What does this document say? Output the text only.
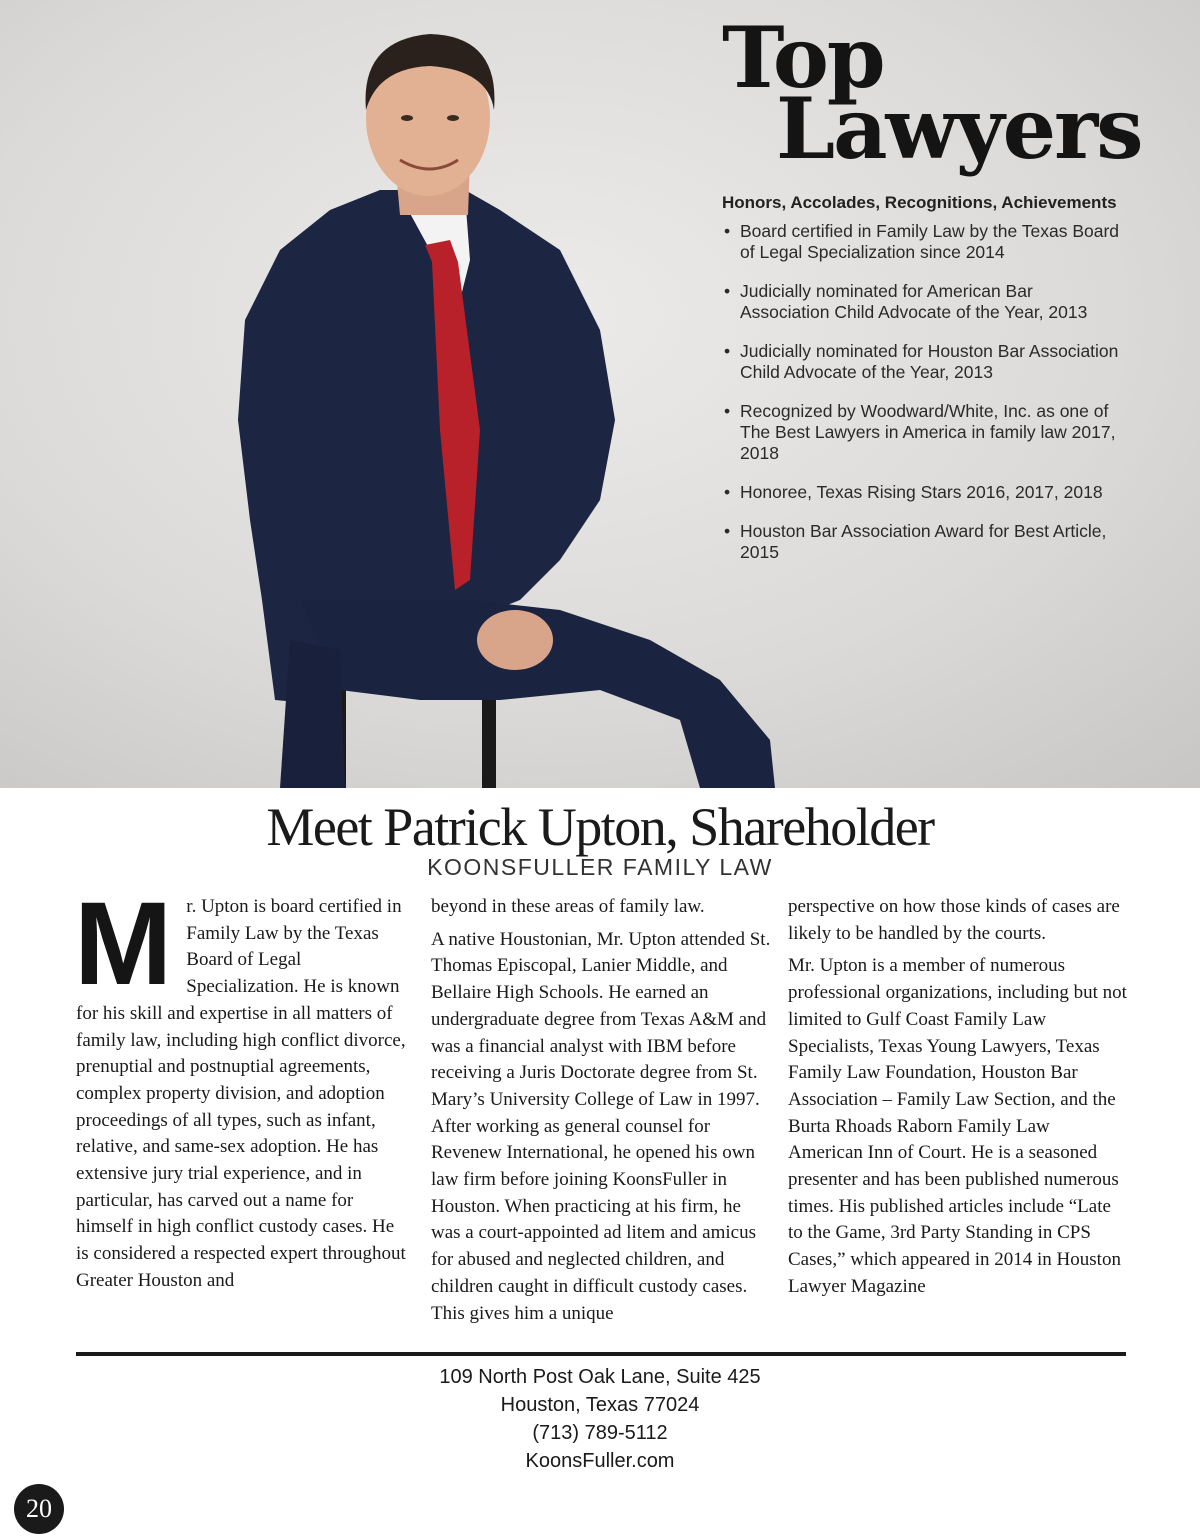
Top
Lawyers
Honors, Accolades, Recognitions, Achievements
• Board certified in Family Law by the Texas Board of Legal Specialization since 2014
• Judicially nominated for American Bar Association Child Advocate of the Year, 2013
• Judicially nominated for Houston Bar Association Child Advocate of the Year, 2013
• Recognized by Woodward/White, Inc. as one of The Best Lawyers in America in family law 2017, 2018
• Honoree, Texas Rising Stars 2016, 2017, 2018
• Houston Bar Association Award for Best Article, 2015
Meet Patrick Upton, Shareholder
KOONSFULLER FAMILY LAW
M r. Upton is board certified in Family Law by the Texas Board of Legal Specialization. He is known for his skill and expertise in all matters of family law, including high conflict divorce, prenuptial and postnuptial agreements, complex property division, and adoption proceedings of all types, such as infant, relative, and same-sex adoption. He has extensive jury trial experience, and in particular, has carved out a name for himself in high conflict custody cases. He is considered a respected expert throughout Greater Houston and

beyond in these areas of family law.

A native Houstonian, Mr. Upton attended St. Thomas Episcopal, Lanier Middle, and Bellaire High Schools. He earned an undergraduate degree from Texas A&M and was a financial analyst with IBM before receiving a Juris Doctorate degree from St. Mary’s University College of Law in 1997. After working as general counsel for Revenew International, he opened his own law firm before joining KoonsFuller in Houston. When practicing at his firm, he was a court-appointed ad litem and amicus for abused and neglected children, and children caught in difficult custody cases. This gives him a unique

perspective on how those kinds of cases are likely to be handled by the courts.

Mr. Upton is a member of numerous professional organizations, including but not limited to Gulf Coast Family Law Specialists, Texas Young Lawyers, Texas Family Law Foundation, Houston Bar Association – Family Law Section, and the Burta Rhoads Raborn Family Law American Inn of Court. He is a seasoned presenter and has been published numerous times. His published articles include “Late to the Game, 3rd Party Standing in CPS Cases,” which appeared in 2014 in Houston Lawyer Magazine

109 North Post Oak Lane, Suite 425
Houston, Texas 77024
(713) 789-5112
KoonsFuller.com
20
